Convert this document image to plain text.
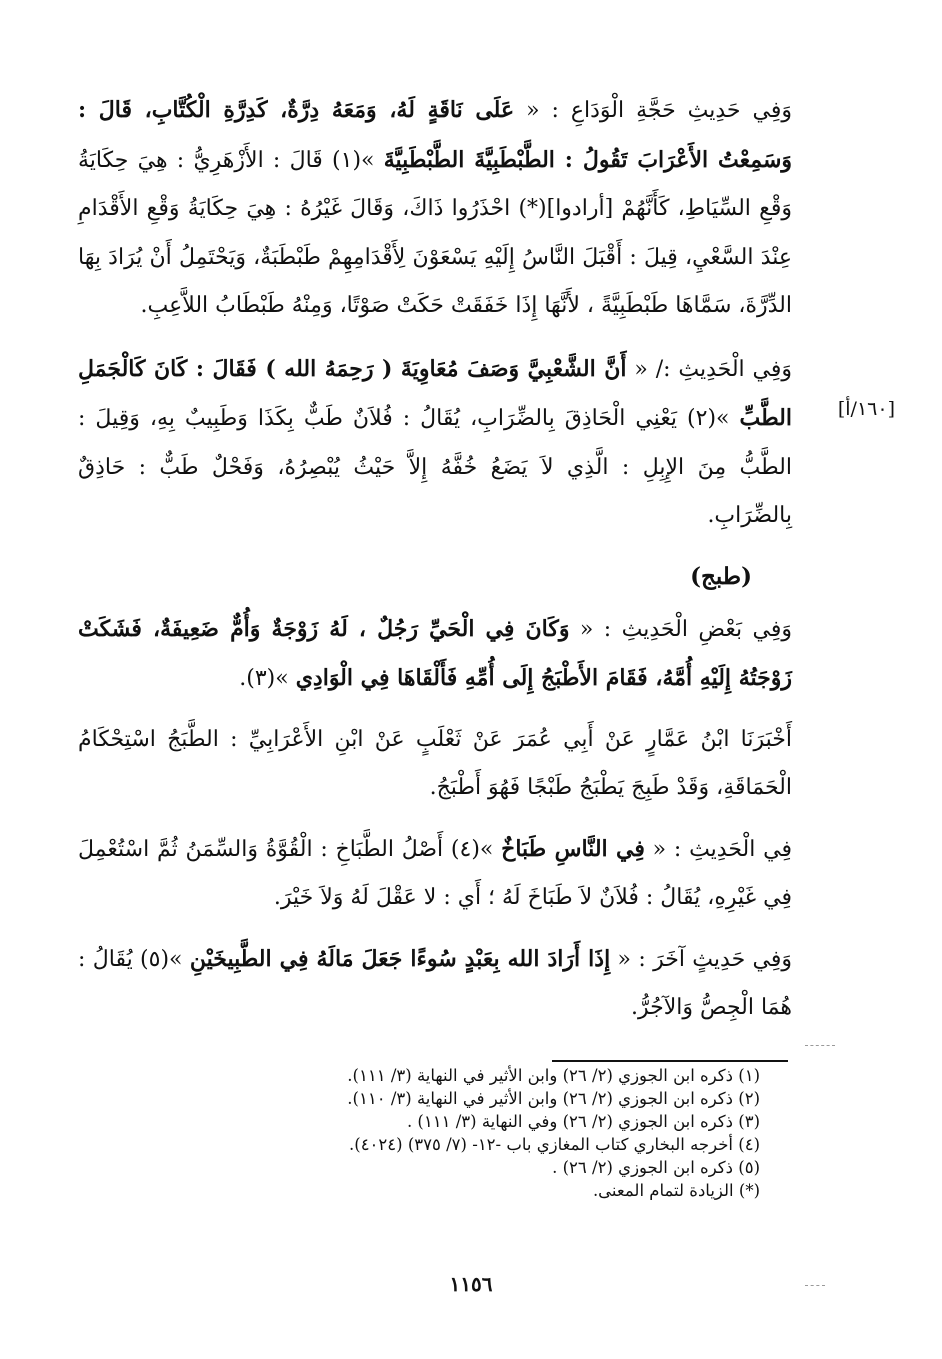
وَفِي حَدِيثِ حَجَّةِ الْوَدَاعِ : « عَلَى نَاقَةٍ لَهُ، وَمَعَهُ دِرَّةٌ، كَدِرَّةِ الْكُتَّابِ، قَالَ : وَسَمِعْتُ الأَعْرَابَ تَقُولُ : الطَّبْطَبِيَّةَ الطَّبْطَبِيَّةَ »(١) قَالَ : الأَزْهَرِيُّ : هِيَ حِكَايَةُ وَقْعِ السِّيَاطِ، كَأَنَّهُمْ [أرادوا](*) احْذَرُوا ذَاكَ، وَقَالَ غَيْرُهُ : هِيَ حِكَايَةُ وَقْعِ الأَقْدَامِ عِنْدَ السَّعْيِ، قِيلَ : أَقْبَلَ النَّاسُ إِلَيْهِ يَسْعَوْنَ لِأَقْدَامِهِمْ طَبْطَبَةٌ، وَيَحْتَمِلُ أَنْ يُرَادَ بِهَا الدِّرَّةَ، سَمَّاهَا طَبْطَبِيَّةً ، لأَنَّهَا إِذَا خَفَقَتْ حَكَتْ صَوْتًا، وَمِنْهُ طَبْطَابُ اللاَّعِبِ.

وَفِي الْحَدِيثِ :/ « أَنَّ الشَّعْبِيَّ وَصَفَ مُعَاوِيَةَ ( رَحِمَهُ الله ) فَقَالَ : كَانَ كَالْجَمَلِ الطَّبِّ »(٢) يَعْنِي الْحَاذِقَ بِالضِّرَابِ، يُقَالُ : فُلاَنٌ طَبٌّ بِكَذَا وَطَبِيبٌ بِهِ، وَقِيلَ : الطَّبُّ مِنَ الإِبِلِ : الَّذِي لاَ يَضَعُ خُفَّهُ إِلاَّ حَيْثُ يُبْصِرُهُ، وَفَحْلٌ طَبٌّ : حَاذِقٌ بِالضِّرَابِ.

(طبج)

وَفِي بَعْضِ الْحَدِيثِ : « وَكَانَ فِي الْحَيِّ رَجُلٌ ، لَهُ زَوْجَةٌ وَأُمٌّ ضَعِيفَةٌ، فَشَكَتْ زَوْجَتُهُ إِلَيْهِ أُمَّهُ، فَقَامَ الأَطْبَجُ إِلَى أُمِّهِ فَأَلْقَاهَا فِي الْوَادِي »(٣).

أَخْبَرَنَا ابْنُ عَمَّارٍ عَنْ أَبِي عُمَرَ عَنْ ثَعْلَبٍ عَنْ ابْنِ الأَعْرَابِيِّ : الطَّبَجُ اسْتِحْكَامُ الْحَمَاقَةِ، وَقَدْ طَبِجَ يَطْبَجُ طَبْجًا فَهُوَ أَطْبَجُ.

فِي الْحَدِيثِ : « فِي النَّاسِ طَبَاخٌ »(٤) أَصْلُ الطَّبَاخِ : الْقُوَّةُ وَالسِّمَنُ ثُمَّ اسْتُعْمِلَ فِي غَيْرِهِ، يُقَالُ : فُلاَنٌ لاَ طَبَاخَ لَهُ ؛ أَي : لا عَقْلَ لَهُ وَلاَ خَيْرَ.

وَفِي حَدِيثٍ آخَرَ : « إِذَا أَرَادَ الله بِعَبْدٍ سُوءًا جَعَلَ مَالَهُ فِي الطَّبِيخَيْنِ »(٥) يُقَالُ : هُمَا الْجِصُّ وَالآجُرُّ.

[١٦٠/أ]
(١) ذكره ابن الجوزي (٢/ ٢٦) وابن الأثير في النهاية (٣/ ١١١).
(٢) ذكره ابن الجوزي (٢/ ٢٦) وابن الأثير في النهاية (٣/ ١١٠).
(٣) ذكره ابن الجوزي (٢/ ٢٦) وفي النهاية (٣/ ١١١) .
(٤) أخرجه البخاري كتاب المغازي باب -١٢- (٧/ ٣٧٥) (٤٠٢٤).
(٥) ذكره ابن الجوزي (٢/ ٢٦) .
(*) الزيادة لتمام المعنى.
١١٥٦
